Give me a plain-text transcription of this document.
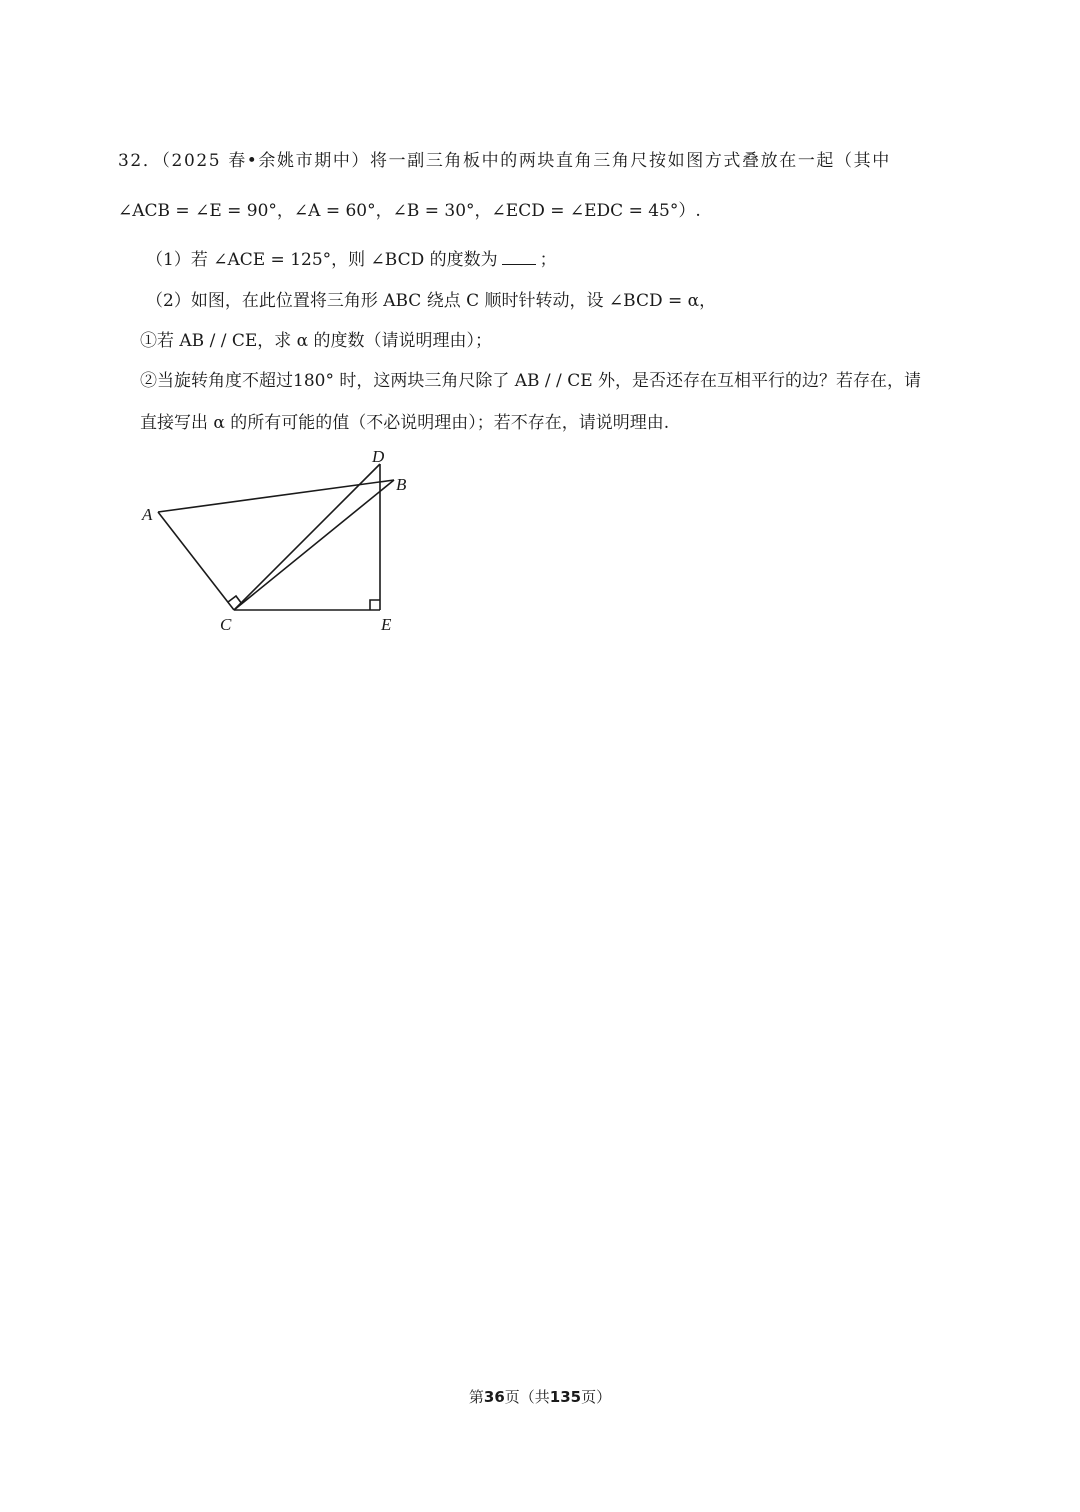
32．（2025 春•余姚市期中）将一副三角板中的两块直角三角尺按如图方式叠放在一起（其中
∠ACB = ∠E = 90°，∠A = 60°，∠B = 30°，∠ECD = ∠EDC = 45°）.
（1）若 ∠ACE = 125°，则 ∠BCD 的度数为 ；
（2）如图，在此位置将三角形 ABC 绕点 C 顺时针转动，设 ∠BCD = α，
①若 AB / / CE，求 α 的度数（请说明理由）；
②当旋转角度不超过180° 时，这两块三角尺除了 AB / / CE 外，是否还存在互相平行的边？若存在，请
直接写出 α 的所有可能的值（不必说明理由）；若不存在，请说明理由.
A
B
C
D
E
第36页（共135页）
